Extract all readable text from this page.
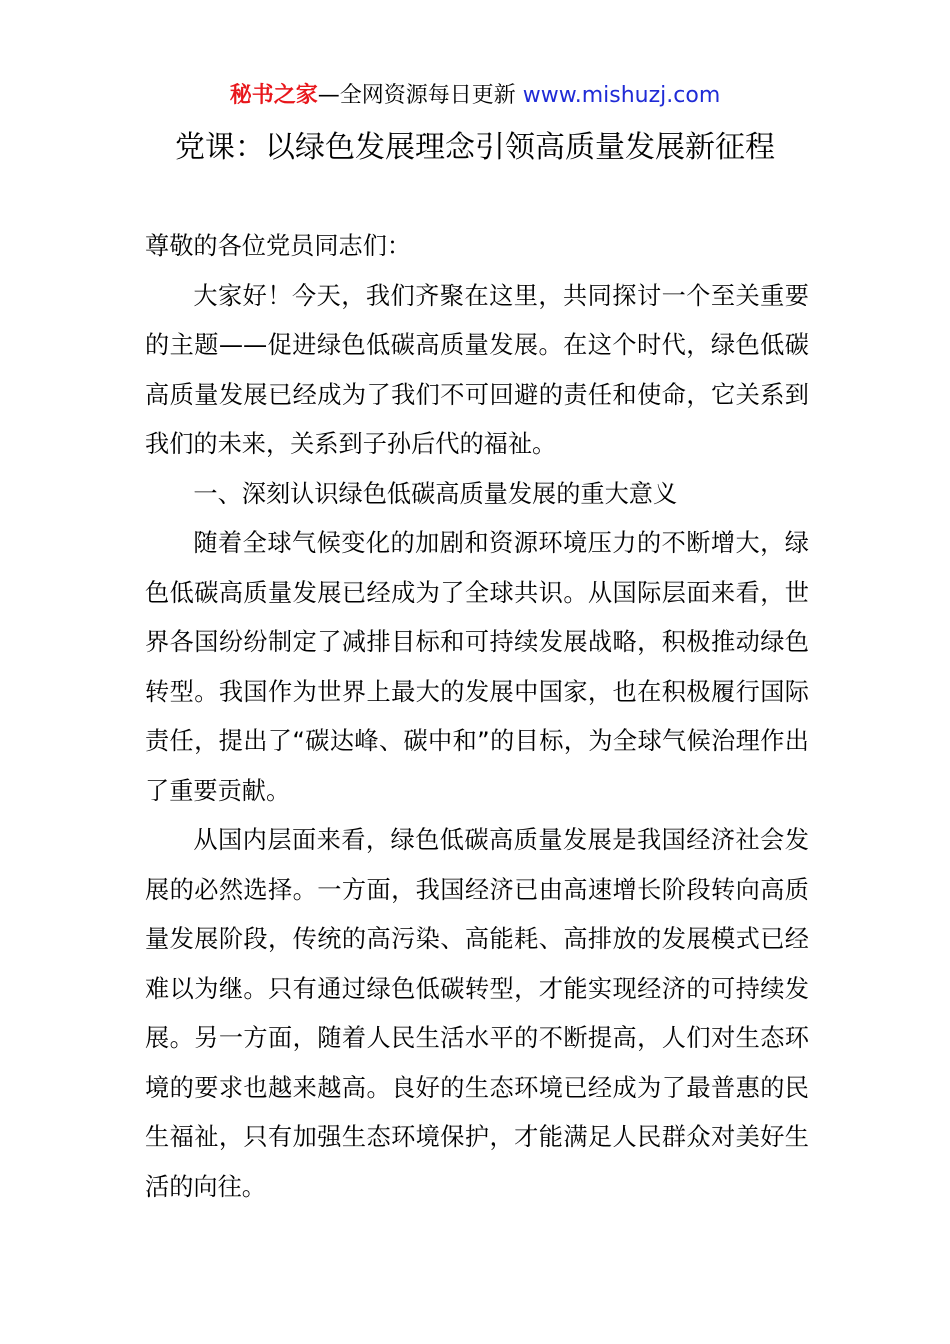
秘书之家—全网资源每日更新 www.mishuzj.com
党课：以绿色发展理念引领高质量发展新征程

尊敬的各位党员同志们：

大家好！今天，我们齐聚在这里，共同探讨一个至关重要的主题——促进绿色低碳高质量发展。在这个时代，绿色低碳高质量发展已经成为了我们不可回避的责任和使命，它关系到我们的未来，关系到子孙后代的福祉。

一、深刻认识绿色低碳高质量发展的重大意义

随着全球气候变化的加剧和资源环境压力的不断增大，绿色低碳高质量发展已经成为了全球共识。从国际层面来看，世界各国纷纷制定了减排目标和可持续发展战略，积极推动绿色转型。我国作为世界上最大的发展中国家，也在积极履行国际责任，提出了“碳达峰、碳中和”的目标，为全球气候治理作出了重要贡献。

从国内层面来看，绿色低碳高质量发展是我国经济社会发展的必然选择。一方面，我国经济已由高速增长阶段转向高质量发展阶段，传统的高污染、高能耗、高排放的发展模式已经难以为继。只有通过绿色低碳转型，才能实现经济的可持续发展。另一方面，随着人民生活水平的不断提高，人们对生态环境的要求也越来越高。良好的生态环境已经成为了最普惠的民生福祉，只有加强生态环境保护，才能满足人民群众对美好生活的向往。
